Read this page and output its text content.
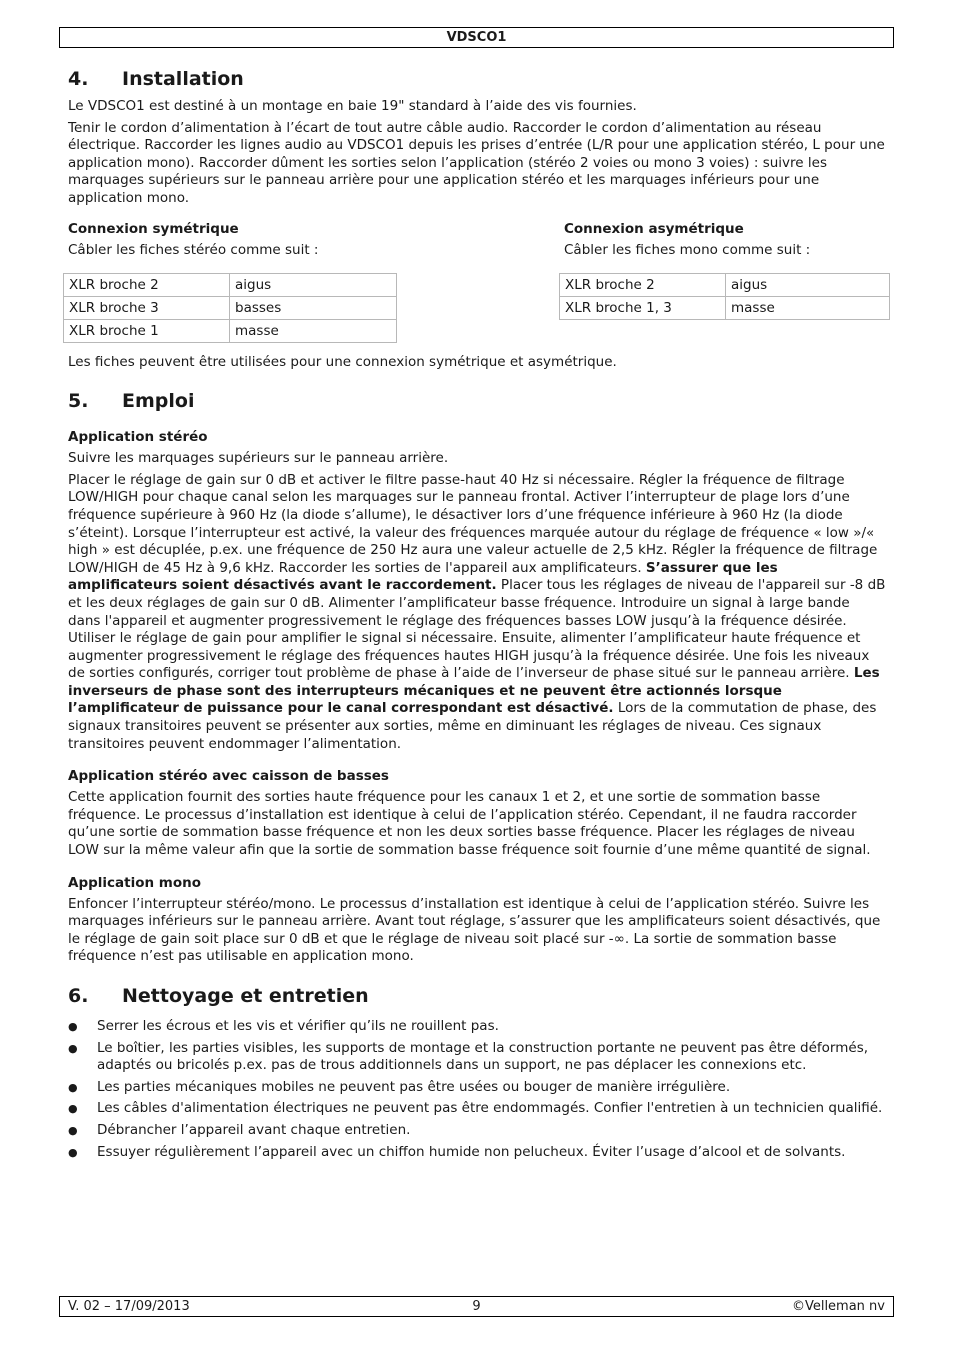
VDSCO1
4.	Installation

Le VDSCO1 est destiné à un montage en baie 19" standard à l’aide des vis fournies.

Tenir le cordon d’alimentation à l’écart de tout autre câble audio. Raccorder le cordon d’alimentation au réseau électrique. Raccorder les lignes audio au VDSCO1 depuis les prises d’entrée (L/R pour une application stéréo, L pour une application mono). Raccorder dûment les sorties selon l’application (stéréo 2 voies ou mono 3 voies) : suivre les marquages supérieurs sur le panneau arrière pour une application stéréo et les marquages inférieurs pour une application mono.

Connexion symétrique

Câbler les fiches stéréo comme suit :

XLR broche 2	aigus
XLR broche 3	basses
XLR broche 1	masse
Connexion asymétrique

Câbler les fiches mono comme suit :

XLR broche 2	aigus
XLR broche 1, 3	masse

Les fiches peuvent être utilisées pour une connexion symétrique et asymétrique.

5.	Emploi
Application stéréo

Suivre les marquages supérieurs sur le panneau arrière.

Placer le réglage de gain sur 0 dB et activer le filtre passe-haut 40 Hz si nécessaire. Régler la fréquence de filtrage LOW/HIGH pour chaque canal selon les marquages sur le panneau frontal. Activer l’interrupteur de plage lors d’une fréquence supérieure à 960 Hz (la diode s’allume), le désactiver lors d’une fréquence inférieure à 960 Hz (la diode s’éteint). Lorsque l’interrupteur est activé, la valeur des fréquences marquée autour du réglage de fréquence « low »/« high » est décuplée, p.ex. une fréquence de 250 Hz aura une valeur actuelle de 2,5 kHz. Régler la fréquence de filtrage LOW/HIGH de 45 Hz à 9,6 kHz. Raccorder les sorties de l'appareil aux amplificateurs. S’assurer que les amplificateurs soient désactivés avant le raccordement. Placer tous les réglages de niveau de l'appareil sur -8 dB et les deux réglages de gain sur 0 dB. Alimenter l’amplificateur basse fréquence. Introduire un signal à large bande dans l'appareil et augmenter progressivement le réglage des fréquences basses LOW jusqu’à la fréquence désirée. Utiliser le réglage de gain pour amplifier le signal si nécessaire. Ensuite, alimenter l’amplificateur haute fréquence et augmenter progressivement le réglage des fréquences hautes HIGH jusqu’à la fréquence désirée. Une fois les niveaux de sorties configurés, corriger tout problème de phase à l’aide de l’inverseur de phase situé sur le panneau arrière. Les inverseurs de phase sont des interrupteurs mécaniques et ne peuvent être actionnés lorsque l’amplificateur de puissance pour le canal correspondant est désactivé. Lors de la commutation de phase, des signaux transitoires peuvent se présenter aux sorties, même en diminuant les réglages de niveau. Ces signaux transitoires peuvent endommager l’alimentation.

Application stéréo avec caisson de basses

Cette application fournit des sorties haute fréquence pour les canaux 1 et 2, et une sortie de sommation basse fréquence. Le processus d’installation est identique à celui de l’application stéréo. Cependant, il ne faudra raccorder qu’une sortie de sommation basse fréquence et non les deux sorties basse fréquence. Placer les réglages de niveau LOW sur la même valeur afin que la sortie de sommation basse fréquence soit fournie d’une même quantité de signal.

Application mono

Enfoncer l’interrupteur stéréo/mono. Le processus d’installation est identique à celui de l’application stéréo. Suivre les marquages inférieurs sur le panneau arrière. Avant tout réglage, s’assurer que les amplificateurs soient désactivés, que le réglage de gain soit place sur 0 dB et que le réglage de niveau soit placé sur -∞. La sortie de sommation basse fréquence n’est pas utilisable en application mono.

6.	Nettoyage et entretien
● Serrer les écrous et les vis et vérifier qu’ils ne rouillent pas.
● Le boîtier, les parties visibles, les supports de montage et la construction portante ne peuvent pas être déformés, adaptés ou bricolés p.ex. pas de trous additionnels dans un support, ne pas déplacer les connexions etc.
● Les parties mécaniques mobiles ne peuvent pas être usées ou bouger de manière irrégulière.
● Les câbles d'alimentation électriques ne peuvent pas être endommagés. Confier l'entretien à un technicien qualifié.
● Débrancher l’appareil avant chaque entretien.
● Essuyer régulièrement l’appareil avec un chiffon humide non pelucheux. Éviter l’usage d’alcool et de solvants.
V. 02 – 17/09/2013	9	©Velleman nv
